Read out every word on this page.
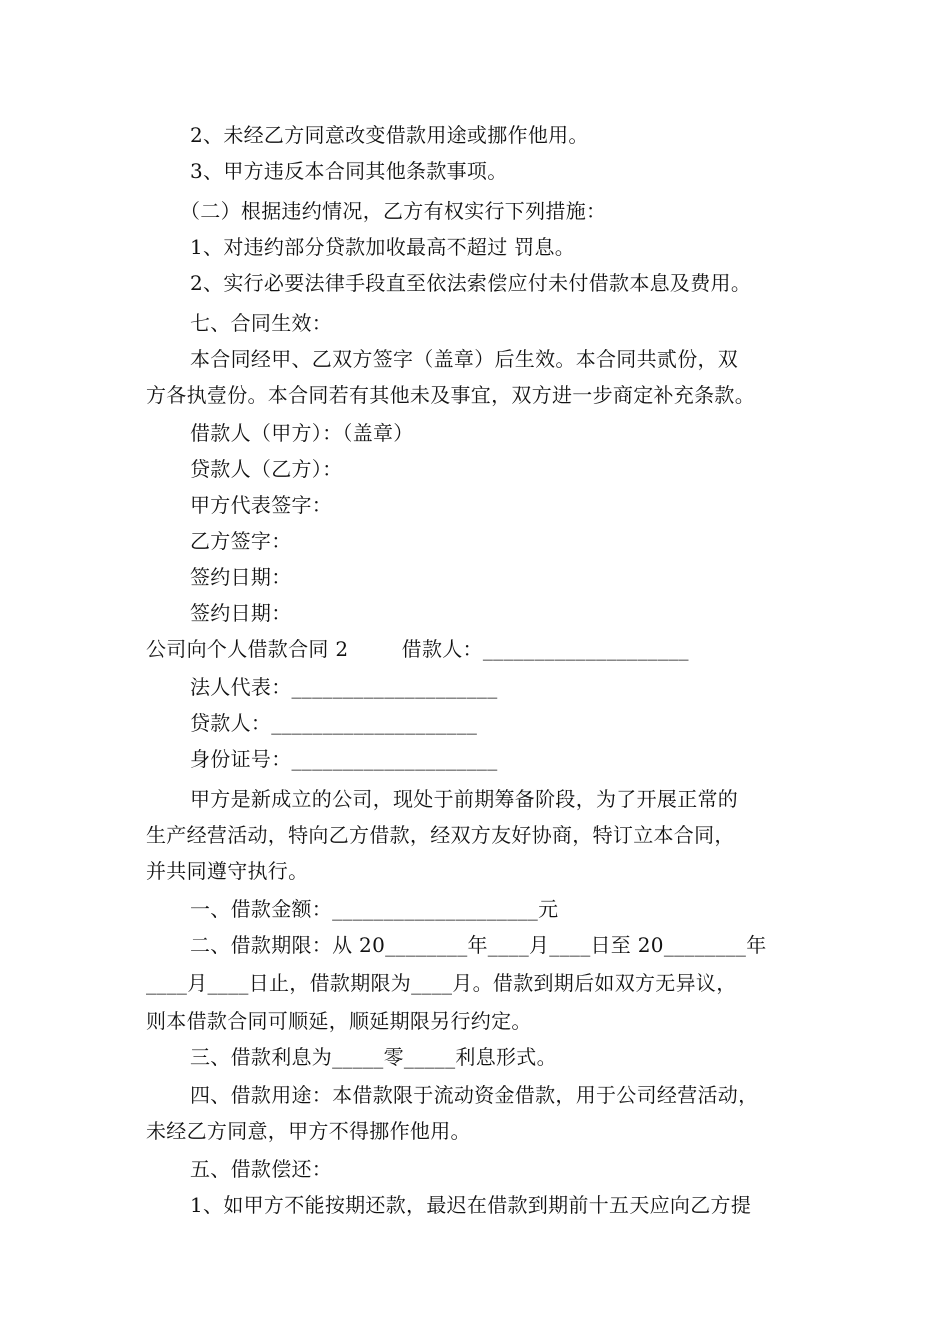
2、未经乙方同意改变借款用途或挪作他用。
3、甲方违反本合同其他条款事项。
（二）根据违约情况，乙方有权实行下列措施：
1、对违约部分贷款加收最高不超过 罚息。
2、实行必要法律手段直至依法索偿应付未付借款本息及费用。
七、合同生效：
本合同经甲、乙双方签字（盖章）后生效。本合同共贰份，双
方各执壹份。本合同若有其他未及事宜，双方进一步商定补充条款。
借款人（甲方）：（盖章）
贷款人（乙方）：
甲方代表签字：
乙方签字：
签约日期：
签约日期：
公司向个人借款合同 2        借款人：____________________
法人代表：____________________
贷款人：____________________
身份证号：____________________
甲方是新成立的公司，现处于前期筹备阶段，为了开展正常的
生产经营活动，特向乙方借款，经双方友好协商，特订立本合同，
并共同遵守执行。
一、借款金额：____________________元
二、借款期限：从 20________年____月____日至 20________年
____月____日止，借款期限为____月。借款到期后如双方无异议，
则本借款合同可顺延，顺延期限另行约定。
三、借款利息为_____零_____利息形式。
四、借款用途：本借款限于流动资金借款，用于公司经营活动，
未经乙方同意，甲方不得挪作他用。
五、借款偿还：
1、如甲方不能按期还款，最迟在借款到期前十五天应向乙方提
